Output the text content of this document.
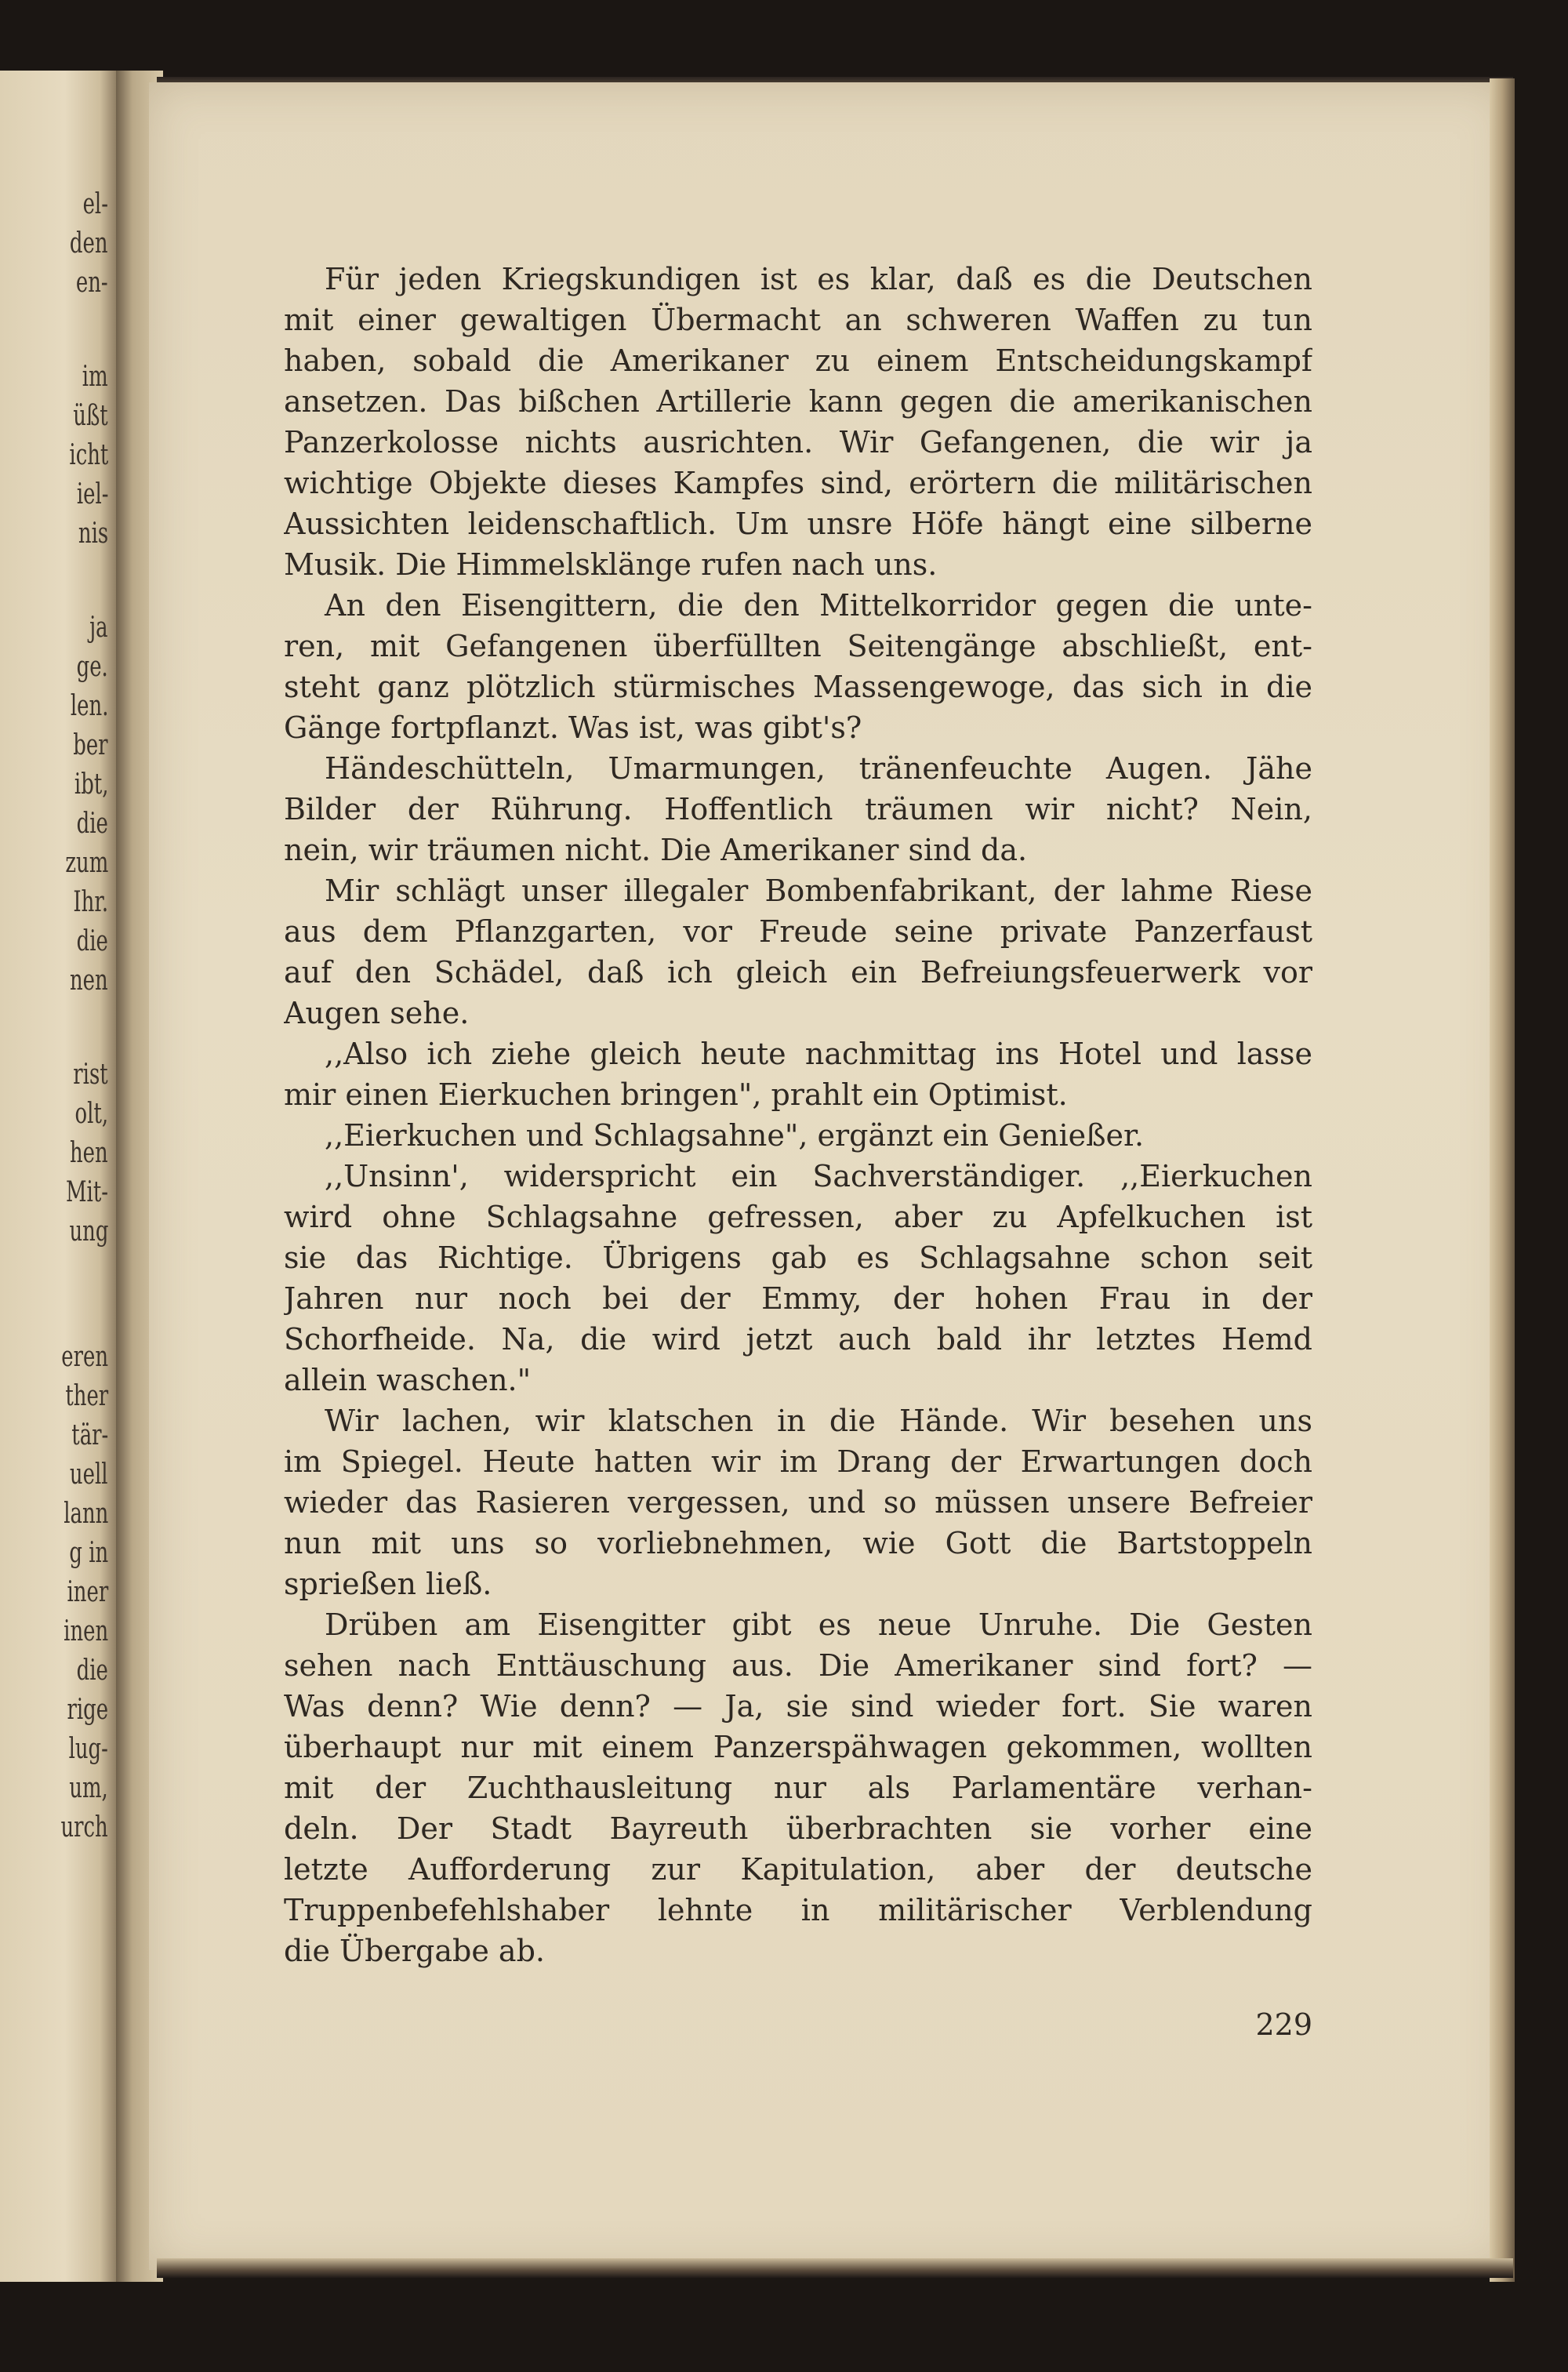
el-
den
en-
im
üßt
icht
iel-
nis
ja
ge.
len.
ber
ibt,
die
zum
Ihr.
die
nen
rist
olt,
hen
Mit-
ung
eren
ther
tär-
uell
lann
g in
iner
inen
die
rige
lug-
um,
urch
Für jeden Kriegskundigen ist es klar, daß es die Deutschen
mit einer gewaltigen Übermacht an schweren Waffen zu tun
haben, sobald die Amerikaner zu einem Entscheidungskampf
ansetzen. Das bißchen Artillerie kann gegen die amerikanischen
Panzerkolosse nichts ausrichten. Wir Gefangenen, die wir ja
wichtige Objekte dieses Kampfes sind, erörtern die militärischen
Aussichten leidenschaftlich. Um unsre Höfe hängt eine silberne
Musik. Die Himmelsklänge rufen nach uns.
An den Eisengittern, die den Mittelkorridor gegen die unte-
ren, mit Gefangenen überfüllten Seitengänge abschließt, ent-
steht ganz plötzlich stürmisches Massengewoge, das sich in die
Gänge fortpflanzt. Was ist, was gibt's?
Händeschütteln, Umarmungen, tränenfeuchte Augen. Jähe
Bilder der Rührung. Hoffentlich träumen wir nicht? Nein,
nein, wir träumen nicht. Die Amerikaner sind da.
Mir schlägt unser illegaler Bombenfabrikant, der lahme Riese
aus dem Pflanzgarten, vor Freude seine private Panzerfaust
auf den Schädel, daß ich gleich ein Befreiungsfeuerwerk vor
Augen sehe.
,,Also ich ziehe gleich heute nachmittag ins Hotel und lasse
mir einen Eierkuchen bringen", prahlt ein Optimist.
,,Eierkuchen und Schlagsahne", ergänzt ein Genießer.
,,Unsinn', widerspricht ein Sachverständiger. ,,Eierkuchen
wird ohne Schlagsahne gefressen, aber zu Apfelkuchen ist
sie das Richtige. Übrigens gab es Schlagsahne schon seit
Jahren nur noch bei der Emmy, der hohen Frau in der
Schorfheide. Na, die wird jetzt auch bald ihr letztes Hemd
allein waschen."
Wir lachen, wir klatschen in die Hände. Wir besehen uns
im Spiegel. Heute hatten wir im Drang der Erwartungen doch
wieder das Rasieren vergessen, und so müssen unsere Befreier
nun mit uns so vorliebnehmen, wie Gott die Bartstoppeln
sprießen ließ.
Drüben am Eisengitter gibt es neue Unruhe. Die Gesten
sehen nach Enttäuschung aus. Die Amerikaner sind fort? —
Was denn? Wie denn? — Ja, sie sind wieder fort. Sie waren
überhaupt nur mit einem Panzerspähwagen gekommen, wollten
mit der Zuchthausleitung nur als Parlamentäre verhan-
deln. Der Stadt Bayreuth überbrachten sie vorher eine
letzte Aufforderung zur Kapitulation, aber der deutsche
Truppenbefehlshaber lehnte in militärischer Verblendung
die Übergabe ab.
229
